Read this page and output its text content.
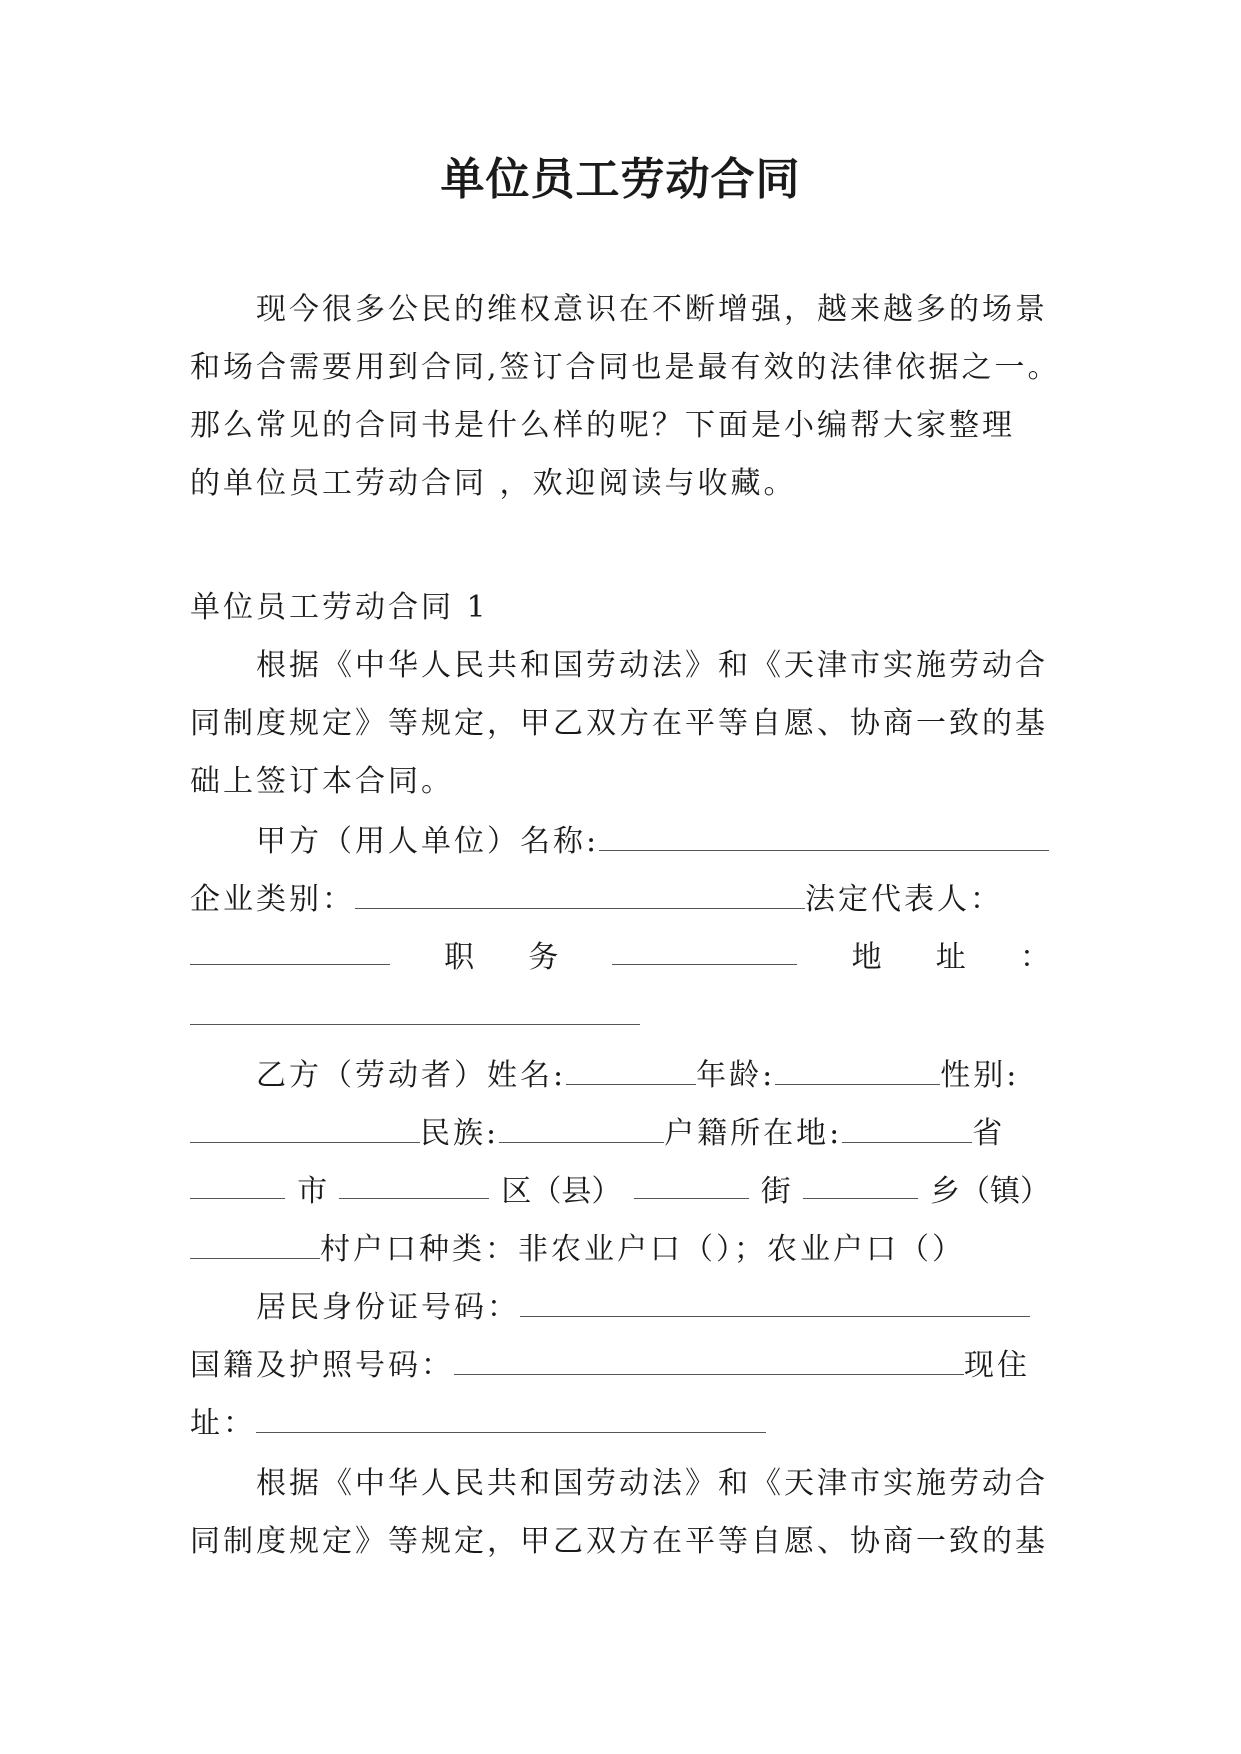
单位员工劳动合同
现今很多公民的维权意识在不断增强，越来越多的场景
和场合需要用到合同,签订合同也是最有效的法律依据之一。
那么常见的合同书是什么样的呢？下面是小编帮大家整理
的单位员工劳动合同 ，欢迎阅读与收藏。
单位员工劳动合同 1
根据《中华人民共和国劳动法》和《天津市实施劳动合
同制度规定》等规定，甲乙双方在平等自愿、协商一致的基
础上签订本合同。
甲方（用人单位）名称:
企业类别：	法定代表人：
职 务	地 址 ：
乙方（劳动者）姓名:	年龄:	性别:
民族:	户籍所在地:	省
市	区（县）	街	乡（镇）
村户口种类：非农业户口（）；农业户口（）
居民身份证号码：
国籍及护照号码：	现住
址：
根据《中华人民共和国劳动法》和《天津市实施劳动合
同制度规定》等规定，甲乙双方在平等自愿、协商一致的基
